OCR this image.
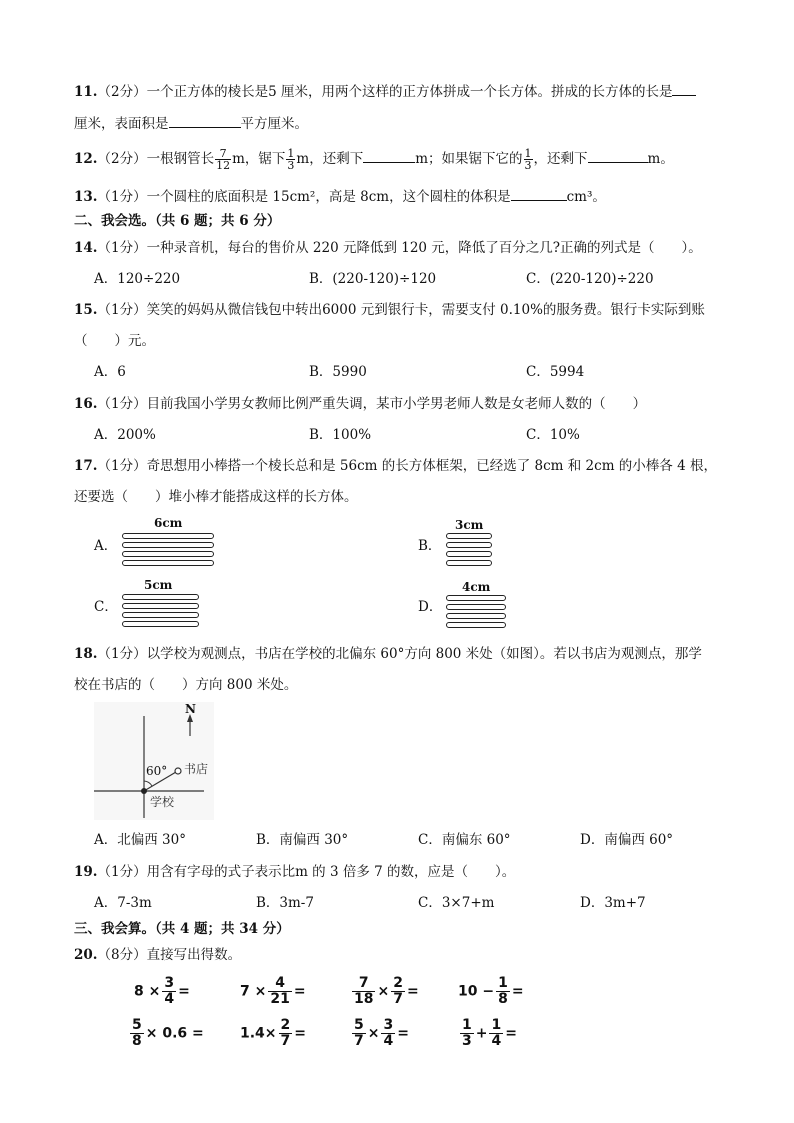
11.（2分）一个正方体的棱长是5 厘米，用两个这样的正方体拼成一个长方体。拼成的长方体的长是
厘米，表面积是	平方厘米。
12.（2分）一根钢管长 $\frac{7}{12}$ m，锯下 $\frac{1}{3}$ m，还剩下	m；如果锯下它的 $\frac{1}{3}$ ，还剩下	m。
13.（1分）一个圆柱的底面积是 15cm²，高是 8cm，这个圆柱的体积是	cm³。
二、我会选。（共 6 题；共 6 分）
14.（1分）一种录音机，每台的售价从 220 元降低到 120 元，降低了百分之几?正确的列式是（　　）。
A．120÷220	B．(220-120)÷120	C．(220-120)÷220
15.（1分）笑笑的妈妈从微信钱包中转出6000 元到银行卡，需要支付 0.10%的服务费。银行卡实际到账
（　　）元。
A．6	B．5990	C．5994
16.（1分）目前我国小学男女教师比例严重失调，某市小学男老师人数是女老师人数的（　　）
A．200%	B．100%	C．10%
17.（1分）奇思想用小棒搭一个棱长总和是 56cm 的长方体框架，已经选了 8cm 和 2cm 的小棒各 4 根，
还要选（　　）堆小棒才能搭成这样的长方体。
A．
6cm
B．
3cm
C．
5cm
D．
4cm
18.（1分）以学校为观测点，书店在学校的北偏东 60°方向 800 米处（如图）。若以书店为观测点，那学
校在书店的（　　）方向 800 米处。
N
60° 书店
学校
A．北偏西 30°	B．南偏西 30°	C．南偏东 60°	D．南偏西 60°
19.（1分）用含有字母的式子表示比m 的 3 倍多 7 的数，应是（　　）。
A．7-3m	B．3m-7	C．3×7+m	D．3m+7
三、我会算。（共 4 题；共 34 分）
20.（8分）直接写出得数。
$8 \times \frac{3}{4}$ =	$7 \times \frac{4}{21}$ =	$\frac{7}{18} \times \frac{2}{7}$ =	$10 - \frac{1}{8}$ =
$\frac{5}{8} \times 0.6$ =	$1.4\times \frac{2}{7}$ =	$\frac{5}{7} \times \frac{3}{4}$ =	$\frac{1}{3} + \frac{1}{4}$ =
